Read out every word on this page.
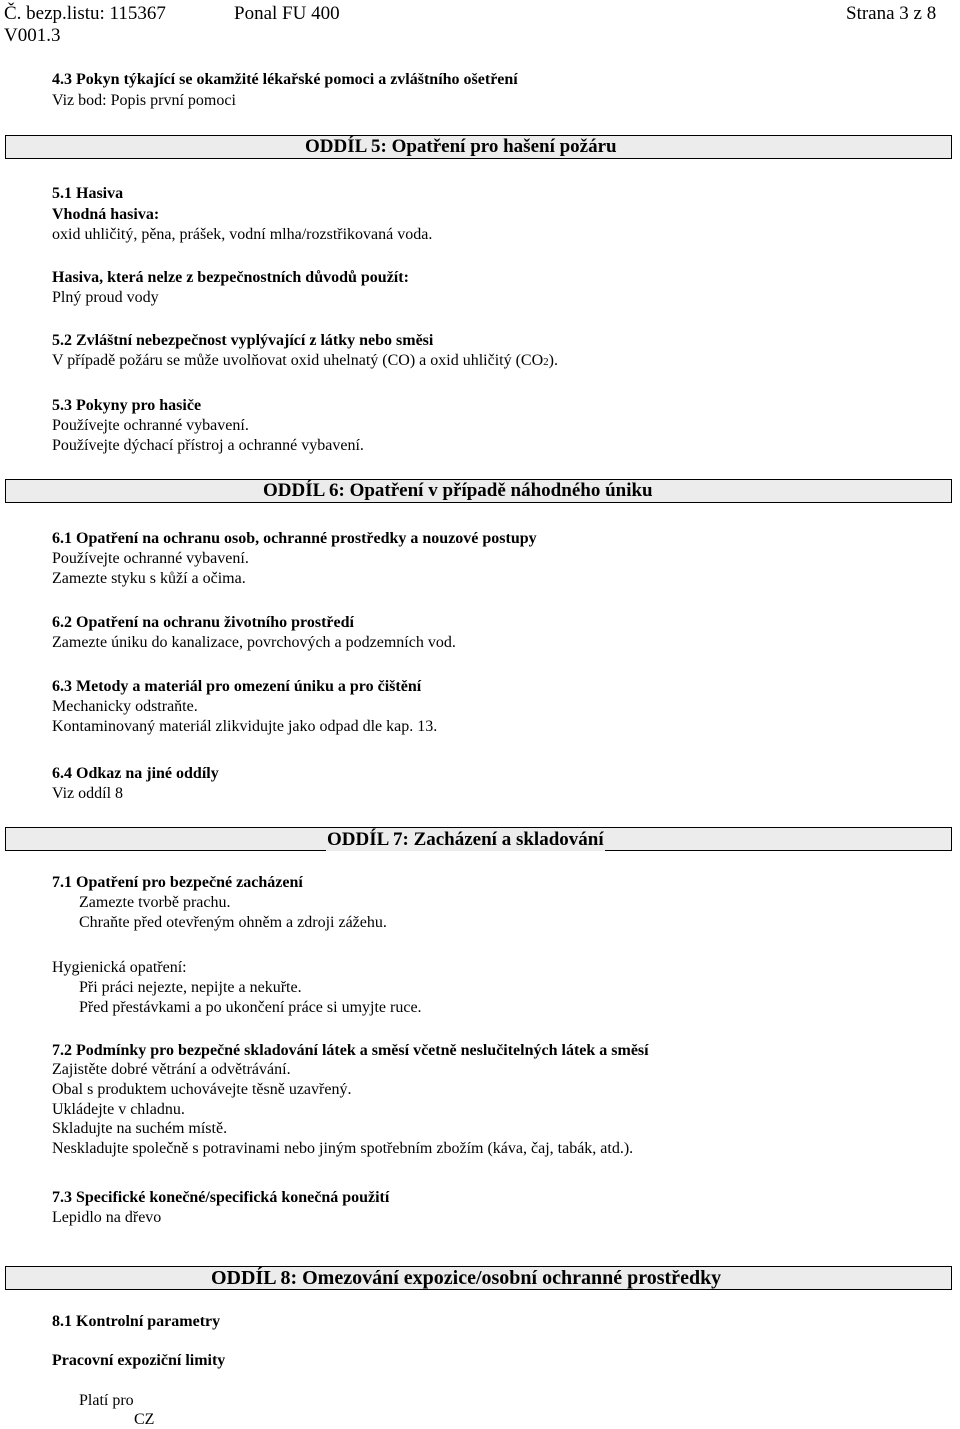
Č. bezp.listu: 115367	Ponal FU 400	Strana 3 z 8
V001.3
4.3 Pokyn týkající se okamžité lékařské pomoci a zvláštního ošetření
Viz bod: Popis první pomoci
ODDÍL 5: Opatření pro hašení požáru
5.1 Hasiva
Vhodná hasiva:
oxid uhličitý, pěna, prášek, vodní mlha/rozstřikovaná voda.
Hasiva, která nelze z bezpečnostních důvodů použít:
Plný proud vody
5.2 Zvláštní nebezpečnost vyplývající z látky nebo směsi
V případě požáru se může uvolňovat oxid uhelnatý (CO) a oxid uhličitý (CO2).
5.3 Pokyny pro hasiče
Používejte ochranné vybavení.
Používejte dýchací přístroj a ochranné vybavení.
ODDÍL 6: Opatření v případě náhodného úniku
6.1 Opatření na ochranu osob, ochranné prostředky a nouzové postupy
Používejte ochranné vybavení.
Zamezte styku s kůží a očima.
6.2 Opatření na ochranu životního prostředí
Zamezte úniku do kanalizace, povrchových a podzemních vod.
6.3 Metody a materiál pro omezení úniku a pro čištění
Mechanicky odstraňte.
Kontaminovaný materiál zlikvidujte jako odpad dle kap. 13.
6.4 Odkaz na jiné oddíly
Viz oddíl 8
ODDÍL 7: Zacházení a skladování
7.1 Opatření pro bezpečné zacházení
Zamezte tvorbě prachu.
Chraňte před otevřeným ohněm a zdroji zážehu.
Hygienická opatření:
Při práci nejezte, nepijte a nekuřte.
Před přestávkami a po ukončení práce si umyjte ruce.
7.2 Podmínky pro bezpečné skladování látek a směsí včetně neslučitelných látek a směsí
Zajistěte dobré větrání a odvětrávání.
Obal s produktem uchovávejte těsně uzavřený.
Ukládejte v chladnu.
Skladujte na suchém místě.
Neskladujte společně s potravinami nebo jiným spotřebním zbožím (káva, čaj, tabák, atd.).
7.3 Specifické konečné/specifická konečná použití
Lepidlo na dřevo
ODDÍL 8: Omezování expozice/osobní ochranné prostředky
8.1 Kontrolní parametry
Pracovní expoziční limity
Platí pro
CZ
